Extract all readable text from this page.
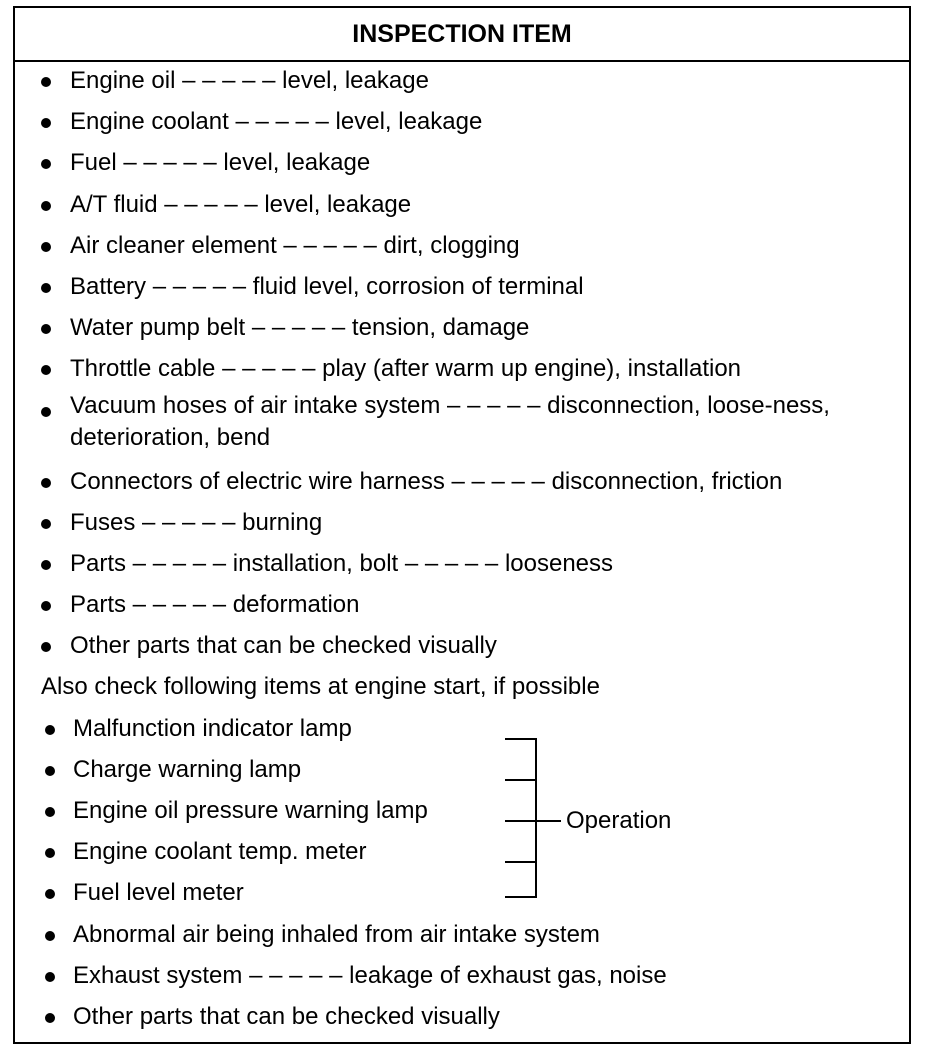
INSPECTION ITEM
Engine oil – – – – – level, leakage
Engine coolant – – – – – level, leakage
Fuel – – – – – level, leakage
A/T fluid – – – – – level, leakage
Air cleaner element – – – – – dirt, clogging
Battery – – – – – fluid level, corrosion of terminal
Water pump belt – – – – – tension, damage
Throttle cable – – – – – play (after warm up engine), installation
Vacuum hoses of air intake system – – – – – disconnection, loose-ness, deterioration, bend
Connectors of electric wire harness – – – – – disconnection, friction
Fuses – – – – – burning
Parts – – – – – installation, bolt – – – – – looseness
Parts – – – – – deformation
Other parts that can be checked visually
Also check following items at engine start, if possible
Malfunction indicator lamp
Charge warning lamp
Engine oil pressure warning lamp
Engine coolant temp. meter
Fuel level meter
Abnormal air being inhaled from air intake system
Exhaust system – – – – – leakage of exhaust gas, noise
Other parts that can be checked visually
Operation
